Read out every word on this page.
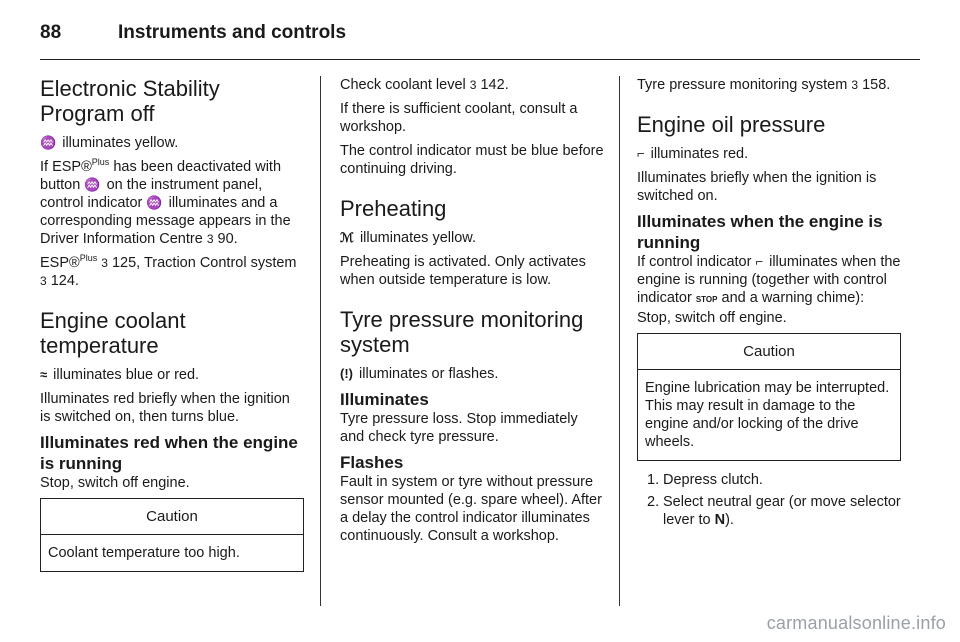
88	Instruments and controls
Electronic Stability Program off

♒ illuminates yellow.

If ESP®$^{Plus}$ has been deactivated with button ♒ on the instrument panel, control indicator ♒ illuminates and a corresponding message appears in the Driver Information Centre 3 90.

ESP®$^{Plus}$ 3 125, Traction Control system 3 124.

Engine coolant temperature

≈ illuminates blue or red.

Illuminates red briefly when the ignition is switched on, then turns blue.

Illuminates red when the engine is running

Stop, switch off engine.

Caution
Coolant temperature too high.

Check coolant level 3 142.

If there is sufficient coolant, consult a workshop.

The control indicator must be blue before continuing driving.

Preheating

ℳ illuminates yellow.

Preheating is activated. Only activates when outside temperature is low.

Tyre pressure monitoring system

(!) illuminates or flashes.

Illuminates

Tyre pressure loss. Stop immediately and check tyre pressure.

Flashes

Fault in system or tyre without pressure sensor mounted (e.g. spare wheel). After a delay the control indicator illuminates continuously. Consult a workshop.

Tyre pressure monitoring system 3 158.

Engine oil pressure

⌐ illuminates red.

Illuminates briefly when the ignition is switched on.

Illuminates when the engine is running

If control indicator ⌐ illuminates when the engine is running (together with control indicator STOP and a warning chime): Stop, switch off engine.

Caution
Engine lubrication may be interrupted. This may result in damage to the engine and/or locking of the drive wheels.
1. Depress clutch.
2. Select neutral gear (or move selector lever to N).
carmanualsonline.info
